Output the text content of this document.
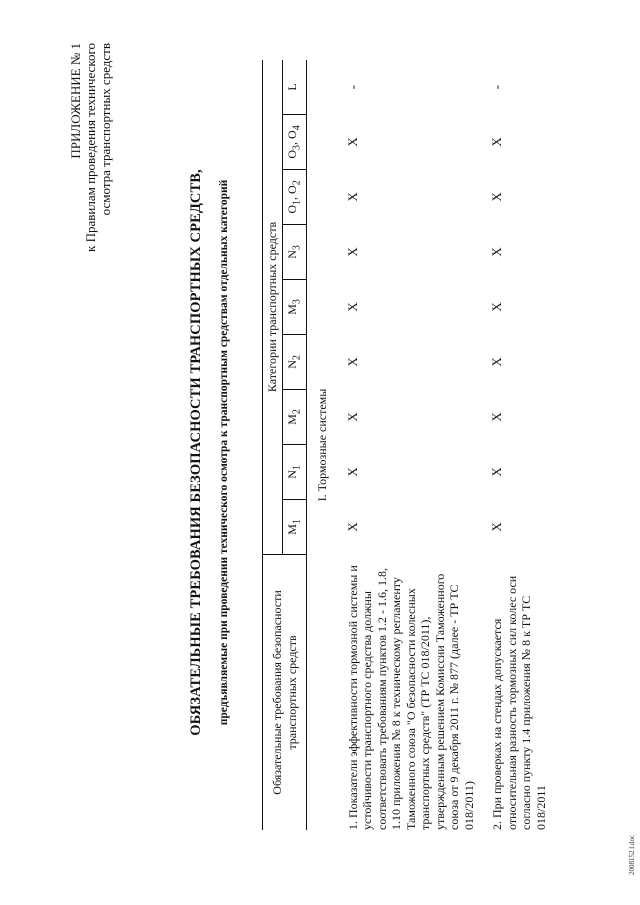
ПРИЛОЖЕНИЕ № 1 к Правилам проведения технического осмотра транспортных средств
ОБЯЗАТЕЛЬНЫЕ ТРЕБОВАНИЯ БЕЗОПАСНОСТИ ТРАНСПОРТНЫХ СРЕДСТВ, предъявляемые при проведении технического осмотра к транспортным средствам отдельных категорий	Обязательные требования безопасности транспортных средств	Категории транспортных средств								
	$M_1$	$N_1$	$M_2$	$N_2$	$M_3$	$N_3$	$O_1$, $O_2$	$O_3$, $O_4$	L
I. Тормозные системы									
1. Показатели эффективности тормозной системы и устойчивости транспортного средства должны соответствовать требованиям пунктов 1.2 - 1.6, 1.8, 1.10 приложения № 8 к техническому регламенту Таможенного союза "О безопасности колесных транспортных средств" (ТР ТС 018/2011), утвержденным решением Комиссии Таможенного союза от 9 декабря 2011 г. № 877 (далее - ТР ТС 018/2011)	X	X	X	X	X	X	X	X	-
2. При проверках на стендах допускается относительная разность тормозных сил колес оси согласно пункту 1.4 приложения № 8 к ТР ТС 018/2011	X	X	X	X	X	X	X	X	-
2008152 l.doc
